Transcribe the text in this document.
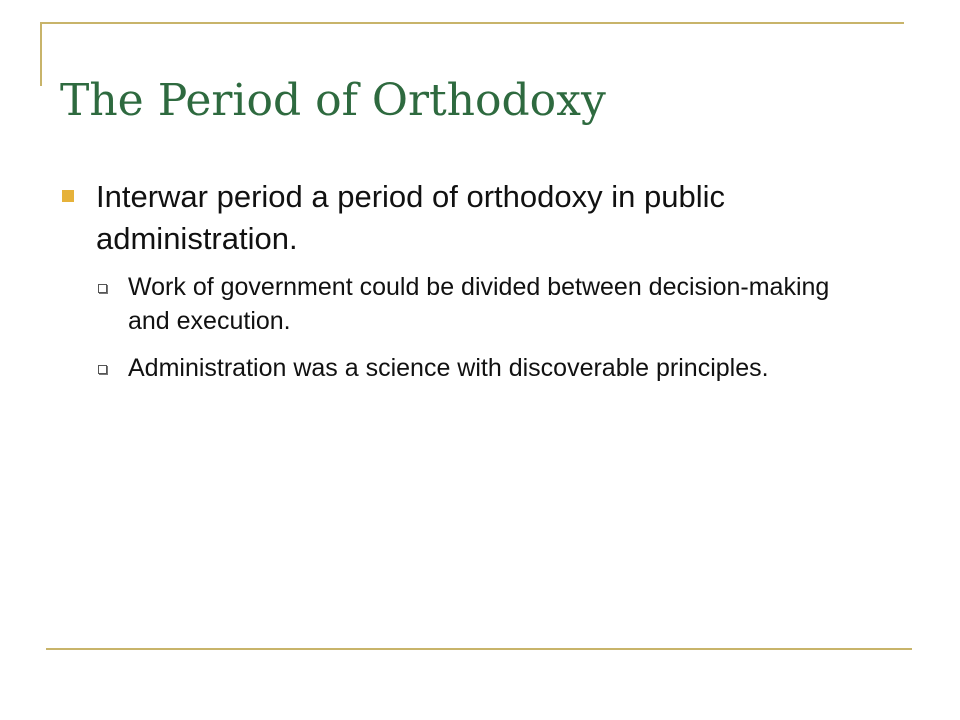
The Period of Orthodoxy
Interwar period a period of orthodoxy in public administration.
Work of government could be divided between decision-making and execution.
Administration was a science with discoverable principles.
